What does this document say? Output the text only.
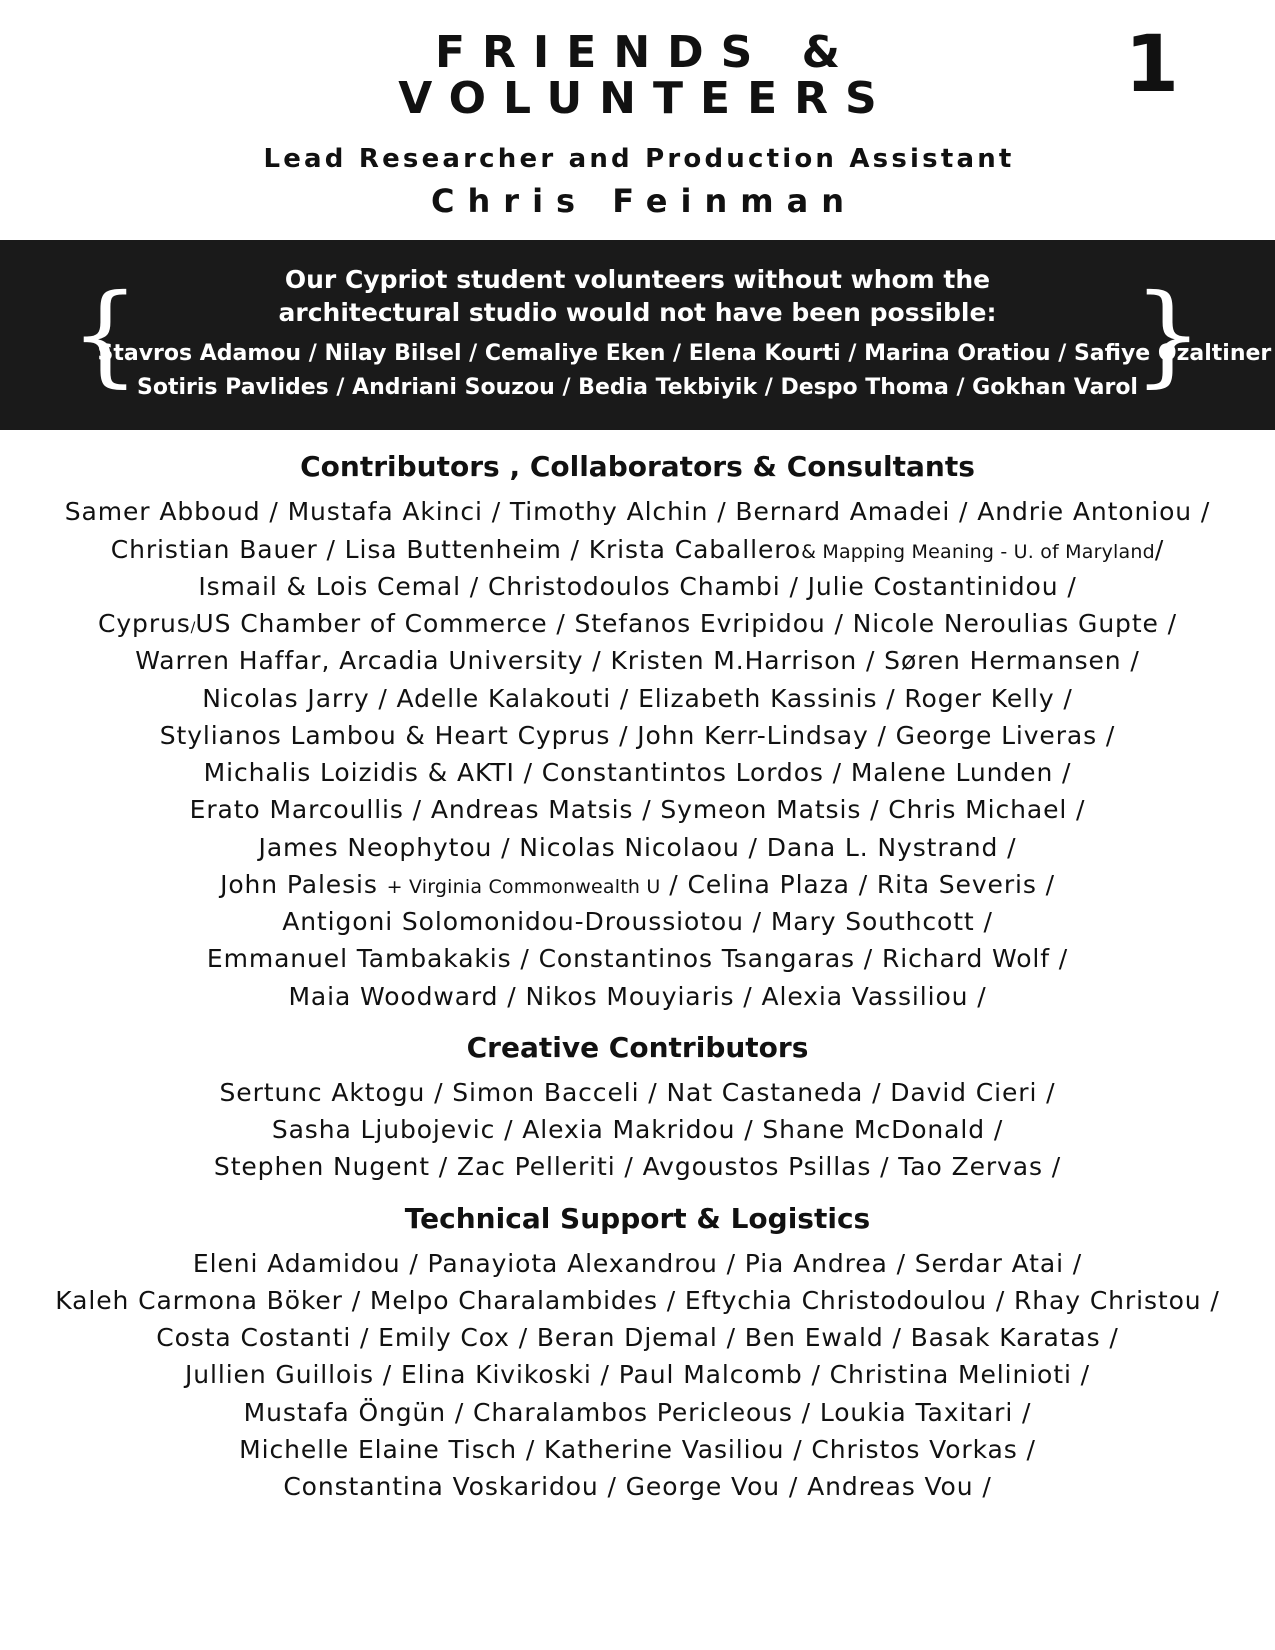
FRIENDS &
VOLUNTEERS	1
Lead Researcher and Production Assistant
Chris Feinman
{	}
Our Cypriot student volunteers without whom the
architectural studio would not have been possible:
Stavros Adamou / Nilay Bilsel / Cemaliye Eken / Elena Kourti / Marina Oratiou / Safiye Ozaltiner
Sotiris Pavlides / Andriani Souzou / Bedia Tekbiyik / Despo Thoma / Gokhan Varol
Contributors , Collaborators & Consultants
Samer Abboud / Mustafa Akinci / Timothy Alchin / Bernard Amadei / Andrie Antoniou /
Christian Bauer / Lisa Buttenheim / Krista Caballero& Mapping Meaning - U. of Maryland/
Ismail & Lois Cemal / Christodoulos Chambi / Julie Costantinidou /
Cyprus/US Chamber of Commerce / Stefanos Evripidou / Nicole Neroulias Gupte /
Warren Haffar, Arcadia University / Kristen M.Harrison / Søren Hermansen /
Nicolas Jarry / Adelle Kalakouti / Elizabeth Kassinis / Roger Kelly /
Stylianos Lambou & Heart Cyprus / John Kerr-Lindsay / George Liveras /
Michalis Loizidis & AKTI / Constantintos Lordos / Malene Lunden /
Erato Marcoullis / Andreas Matsis / Symeon Matsis / Chris Michael /
James Neophytou / Nicolas Nicolaou / Dana L. Nystrand /
John Palesis + Virginia Commonwealth U / Celina Plaza / Rita Severis /
Antigoni Solomonidou-Droussiotou / Mary Southcott /
Emmanuel Tambakakis / Constantinos Tsangaras / Richard Wolf /
Maia Woodward / Nikos Mouyiaris / Alexia Vassiliou /
Creative Contributors
Sertunc Aktogu / Simon Bacceli / Nat Castaneda / David Cieri /
Sasha Ljubojevic / Alexia Makridou / Shane McDonald /
Stephen Nugent / Zac Pelleriti / Avgoustos Psillas / Tao Zervas /
Technical Support & Logistics
Eleni Adamidou / Panayiota Alexandrou / Pia Andrea / Serdar Atai /
Kaleh Carmona Böker / Melpo Charalambides / Eftychia Christodoulou / Rhay Christou /
Costa Costanti / Emily Cox / Beran Djemal / Ben Ewald / Basak Karatas /
Jullien Guillois / Elina Kivikoski / Paul Malcomb / Christina Melinioti /
Mustafa Öngün / Charalambos Pericleous / Loukia Taxitari /
Michelle Elaine Tisch / Katherine Vasiliou / Christos Vorkas /
Constantina Voskaridou / George Vou / Andreas Vou /
